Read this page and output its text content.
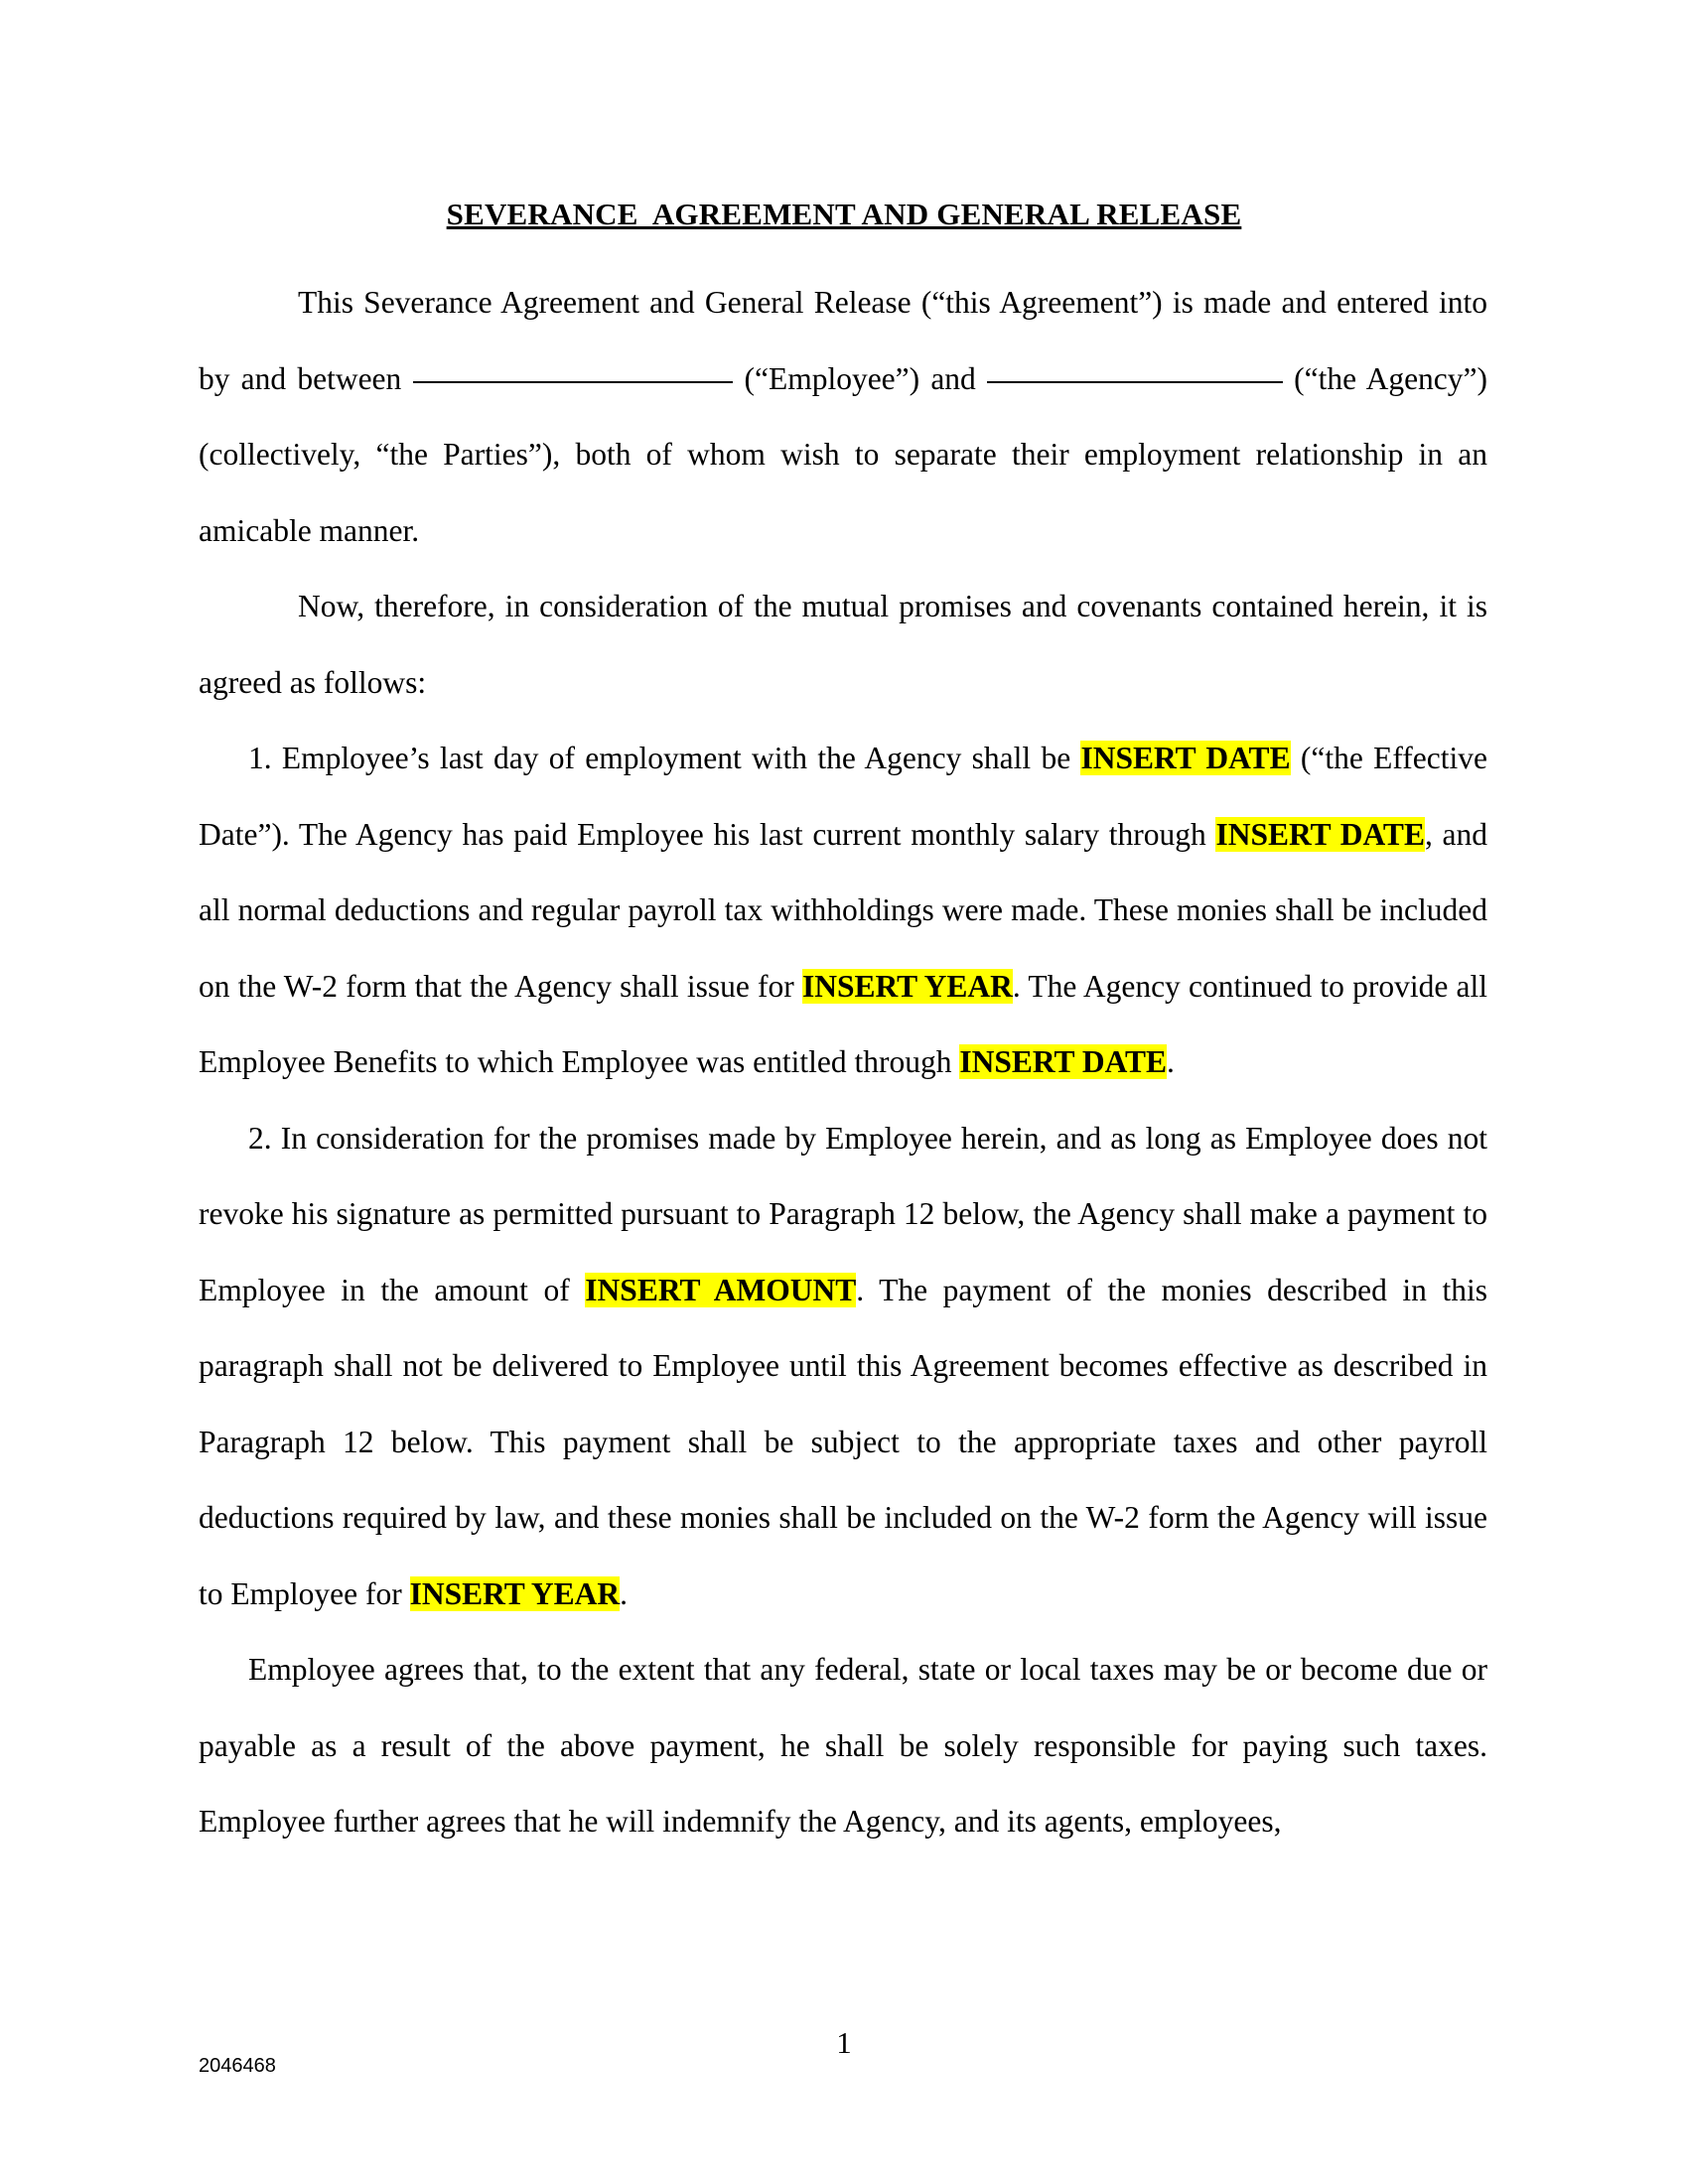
SEVERANCE  AGREEMENT AND GENERAL RELEASE

This Severance Agreement and General Release (“this Agreement”) is made and entered into by and between	(“Employee”) and	(“the Agency”) (collectively, “the Parties”), both of whom wish to separate their employment relationship in an amicable manner.

Now, therefore, in consideration of the mutual promises and covenants contained herein, it is agreed as follows:

1. Employee’s last day of employment with the Agency shall be INSERT DATE (“the Effective Date”). The Agency has paid Employee his last current monthly salary through INSERT DATE, and all normal deductions and regular payroll tax withholdings were made. These monies shall be included on the W-2 form that the Agency shall issue for INSERT YEAR. The Agency continued to provide all Employee Benefits to which Employee was entitled through INSERT DATE.

2. In consideration for the promises made by Employee herein, and as long as Employee does not revoke his signature as permitted pursuant to Paragraph 12 below, the Agency shall make a payment to Employee in the amount of INSERT AMOUNT. The payment of the monies described in this paragraph shall not be delivered to Employee until this Agreement becomes effective as described in Paragraph 12 below. This payment shall be subject to the appropriate taxes and other payroll deductions required by law, and these monies shall be included on the W-2 form the Agency will issue to Employee for INSERT YEAR.

Employee agrees that, to the extent that any federal, state or local taxes may be or become due or payable as a result of the above payment, he shall be solely responsible for paying such taxes. Employee further agrees that he will indemnify the Agency, and its agents, employees,

1
2046468
